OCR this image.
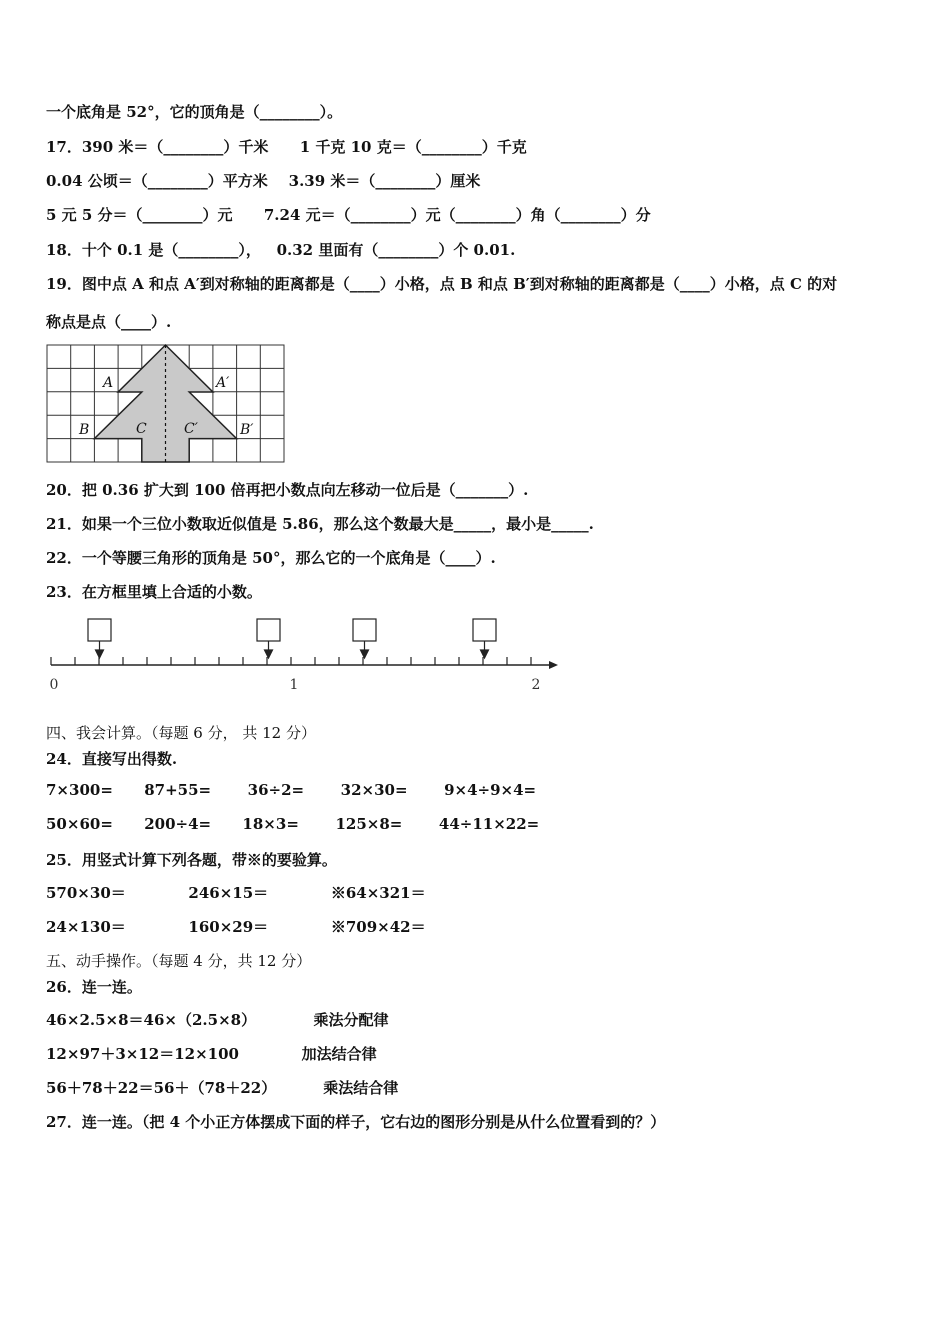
一个底角是 52°，它的顶角是（________）。
17．390 米＝（________）千米      1 千克 10 克＝（________）千克
0.04 公顷＝（________）平方米    3.39 米＝（________）厘米
5 元 5 分＝（________）元      7.24 元＝（________）元（________）角（________）分
18．十个 0.1 是（________），   0.32 里面有（________）个 0.01.
19．图中点 A 和点 A′到对称轴的距离都是（____）小格，点 B 和点 B′到对称轴的距离都是（____）小格，点 C 的对
称点是点（____）.
A	A′
B	B′
C	C′
20．把 0.36 扩大到 100 倍再把小数点向左移动一位后是（_______）.
21．如果一个三位小数取近似值是 5.86，那么这个数最大是_____，最小是_____.
22．一个等腰三角形的顶角是 50°，那么它的一个底角是（____）.
23．在方框里填上合适的小数。
0	1	2
四、我会计算。（每题 6 分， 共 12 分）
24．直接写出得数.
7×300=      87+55=       36÷2=       32×30=       9×4÷9×4=
50×60=      200÷4=      18×3=       125×8=       44÷11×22=
25．用竖式计算下列各题，带※的要验算。
570×30＝            246×15＝            ※64×321＝
24×130＝            160×29＝            ※709×42＝
五、动手操作。（每题 4 分，共 12 分）
26．连一连。
46×2.5×8＝46×（2.5×8）           乘法分配律
12×97＋3×12＝12×100            加法结合律
56＋78＋22＝56＋（78＋22）         乘法结合律
27．连一连。（把 4 个小正方体摆成下面的样子，它右边的图形分别是从什么位置看到的？）
